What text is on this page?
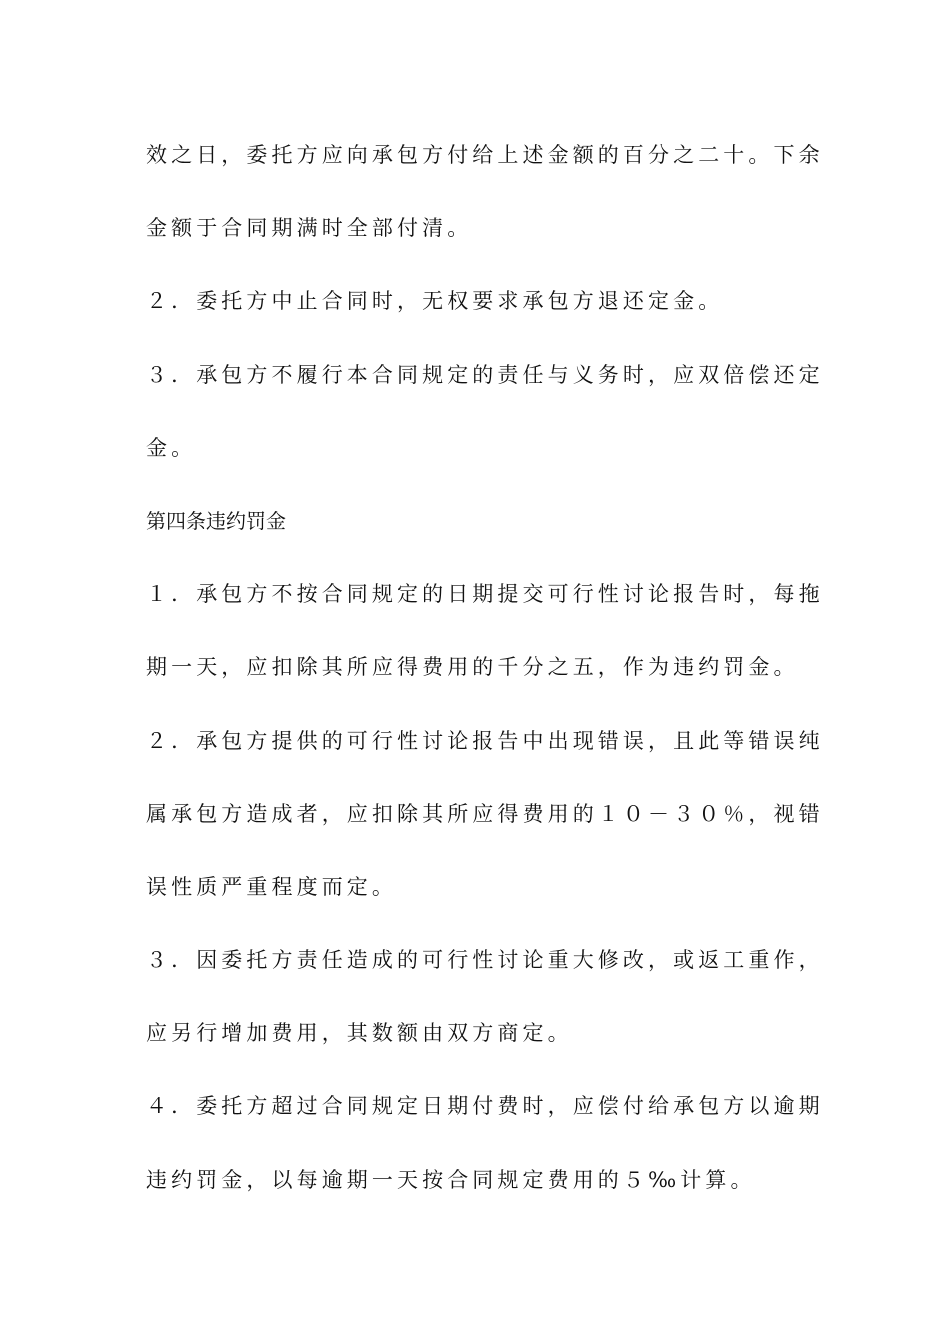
效之日，委托方应向承包方付给上述金额的百分之二十。下余
金额于合同期满时全部付清。
２．委托方中止合同时，无权要求承包方退还定金。
３．承包方不履行本合同规定的责任与义务时，应双倍偿还定
金。
第四条违约罚金
１．承包方不按合同规定的日期提交可行性讨论报告时，每拖
期一天，应扣除其所应得费用的千分之五，作为违约罚金。
２．承包方提供的可行性讨论报告中出现错误，且此等错误纯
属承包方造成者，应扣除其所应得费用的１０－３０％，视错
误性质严重程度而定。
３．因委托方责任造成的可行性讨论重大修改，或返工重作，
应另行增加费用，其数额由双方商定。
４．委托方超过合同规定日期付费时，应偿付给承包方以逾期
违约罚金，以每逾期一天按合同规定费用的５‰计算。
